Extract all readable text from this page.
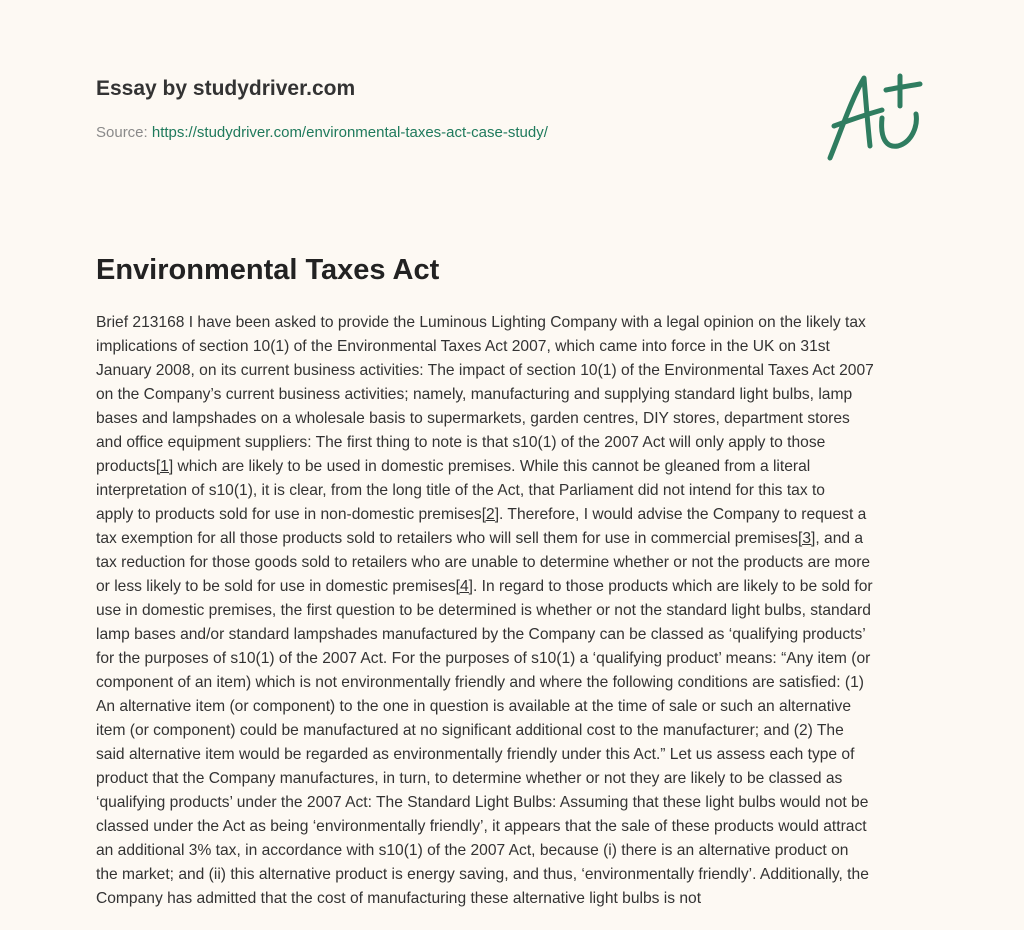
Essay by studydriver.com
Source: https://studydriver.com/environmental-taxes-act-case-study/
Environmental Taxes Act
Brief 213168 I have been asked to provide the Luminous Lighting Company with a legal opinion on the likely tax
implications of section 10(1) of the Environmental Taxes Act 2007, which came into force in the UK on 31st
January 2008, on its current business activities: The impact of section 10(1) of the Environmental Taxes Act 2007
on the Company’s current business activities; namely, manufacturing and supplying standard light bulbs, lamp
bases and lampshades on a wholesale basis to supermarkets, garden centres, DIY stores, department stores
and office equipment suppliers: The first thing to note is that s10(1) of the 2007 Act will only apply to those
products[1] which are likely to be used in domestic premises. While this cannot be gleaned from a literal
interpretation of s10(1), it is clear, from the long title of the Act, that Parliament did not intend for this tax to
apply to products sold for use in non-domestic premises[2]. Therefore, I would advise the Company to request a
tax exemption for all those products sold to retailers who will sell them for use in commercial premises[3], and a
tax reduction for those goods sold to retailers who are unable to determine whether or not the products are more
or less likely to be sold for use in domestic premises[4]. In regard to those products which are likely to be sold for
use in domestic premises, the first question to be determined is whether or not the standard light bulbs, standard
lamp bases and/or standard lampshades manufactured by the Company can be classed as ‘qualifying products’
for the purposes of s10(1) of the 2007 Act. For the purposes of s10(1) a ‘qualifying product’ means: “Any item (or
component of an item) which is not environmentally friendly and where the following conditions are satisfied: (1)
An alternative item (or component) to the one in question is available at the time of sale or such an alternative
item (or component) could be manufactured at no significant additional cost to the manufacturer; and (2) The
said alternative item would be regarded as environmentally friendly under this Act.” Let us assess each type of
product that the Company manufactures, in turn, to determine whether or not they are likely to be classed as
‘qualifying products’ under the 2007 Act: The Standard Light Bulbs: Assuming that these light bulbs would not be
classed under the Act as being ‘environmentally friendly’, it appears that the sale of these products would attract
an additional 3% tax, in accordance with s10(1) of the 2007 Act, because (i) there is an alternative product on
the market; and (ii) this alternative product is energy saving, and thus, ‘environmentally friendly’. Additionally, the
Company has admitted that the cost of manufacturing these alternative light bulbs is not
